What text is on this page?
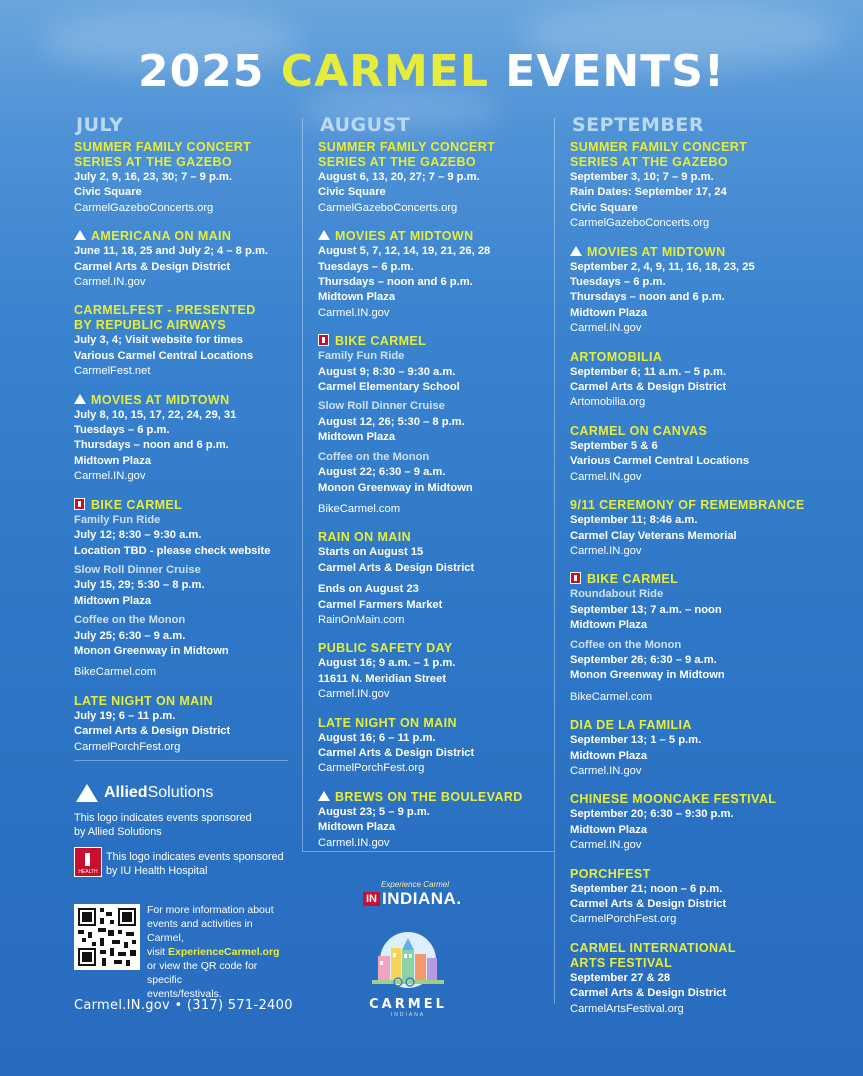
2025 CARMEL EVENTS!
JULY
SUMMER FAMILY CONCERT
SERIES AT THE GAZEBO
July 2, 9, 16, 23, 30; 7 – 9 p.m.
Civic Square
CarmelGazeboConcerts.org
AMERICANA ON MAIN
June 11, 18, 25 and July 2; 4 – 8 p.m.
Carmel Arts & Design District
Carmel.IN.gov
CARMELFEST - PRESENTED
BY REPUBLIC AIRWAYS
July 3, 4; Visit website for times
Various Carmel Central Locations
CarmelFest.net
MOVIES AT MIDTOWN
July 8, 10, 15, 17, 22, 24, 29, 31
Tuesdays – 6 p.m.
Thursdays – noon and 6 p.m.
Midtown Plaza
Carmel.IN.gov
BIKE CARMEL
Family Fun Ride
July 12; 8:30 – 9:30 a.m.
Location TBD - please check website
Slow Roll Dinner Cruise
July 15, 29; 5:30 – 8 p.m.
Midtown Plaza
Coffee on the Monon
July 25; 6:30 – 9 a.m.
Monon Greenway in Midtown
BikeCarmel.com
LATE NIGHT ON MAIN
July 19; 6 – 11 p.m.
Carmel Arts & Design District
CarmelPorchFest.org
AUGUST
SUMMER FAMILY CONCERT
SERIES AT THE GAZEBO
August 6, 13, 20, 27; 7 – 9 p.m.
Civic Square
CarmelGazeboConcerts.org
MOVIES AT MIDTOWN
August 5, 7, 12, 14, 19, 21, 26, 28
Tuesdays – 6 p.m.
Thursdays – noon and 6 p.m.
Midtown Plaza
Carmel.IN.gov
BIKE CARMEL
Family Fun Ride
August 9; 8:30 – 9:30 a.m.
Carmel Elementary School
Slow Roll Dinner Cruise
August 12, 26; 5:30 – 8 p.m.
Midtown Plaza
Coffee on the Monon
August 22; 6:30 – 9 a.m.
Monon Greenway in Midtown
BikeCarmel.com
RAIN ON MAIN
Starts on August 15
Carmel Arts & Design District
Ends on August 23
Carmel Farmers Market
RainOnMain.com
PUBLIC SAFETY DAY
August 16; 9 a.m. – 1 p.m.
11611 N. Meridian Street
Carmel.IN.gov
LATE NIGHT ON MAIN
August 16; 6 – 11 p.m.
Carmel Arts & Design District
CarmelPorchFest.org
BREWS ON THE BOULEVARD
August 23; 5 – 9 p.m.
Midtown Plaza
Carmel.IN.gov
SEPTEMBER
SUMMER FAMILY CONCERT
SERIES AT THE GAZEBO
September 3, 10; 7 – 9 p.m.
Rain Dates: September 17, 24
Civic Square
CarmelGazeboConcerts.org
MOVIES AT MIDTOWN
September 2, 4, 9, 11, 16, 18, 23, 25
Tuesdays – 6 p.m.
Thursdays – noon and 6 p.m.
Midtown Plaza
Carmel.IN.gov
ARTOMOBILIA
September 6; 11 a.m. – 5 p.m.
Carmel Arts & Design District
Artomobilia.org
CARMEL ON CANVAS
September 5 & 6
Various Carmel Central Locations
Carmel.IN.gov
9/11 CEREMONY OF REMEMBRANCE
September 11; 8:46 a.m.
Carmel Clay Veterans Memorial
Carmel.IN.gov
BIKE CARMEL
Roundabout Ride
September 13; 7 a.m. – noon
Midtown Plaza
Coffee on the Monon
September 26; 6:30 – 9 a.m.
Monon Greenway in Midtown
BikeCarmel.com
DIA DE LA FAMILIA
September 13; 1 – 5 p.m.
Midtown Plaza
Carmel.IN.gov
CHINESE MOONCAKE FESTIVAL
September 20; 6:30 – 9:30 p.m.
Midtown Plaza
Carmel.IN.gov
PORCHFEST
September 21; noon – 6 p.m.
Carmel Arts & Design District
CarmelPorchFest.org
CARMEL INTERNATIONAL
ARTS FESTIVAL
September 27 & 28
Carmel Arts & Design District
CarmelArtsFestival.org
AlliedSolutions
This logo indicates events sponsored
by Allied Solutions
HEALTH
This logo indicates events sponsored
by IU Health Hospital
For more information about
events and activities in Carmel,
visit ExperienceCarmel.org
or view the QR code for specific
events/festivals.
Carmel.IN.gov • (317) 571-2400
Experience Carmel
IN INDIANA.
CARMEL
INDIANA
